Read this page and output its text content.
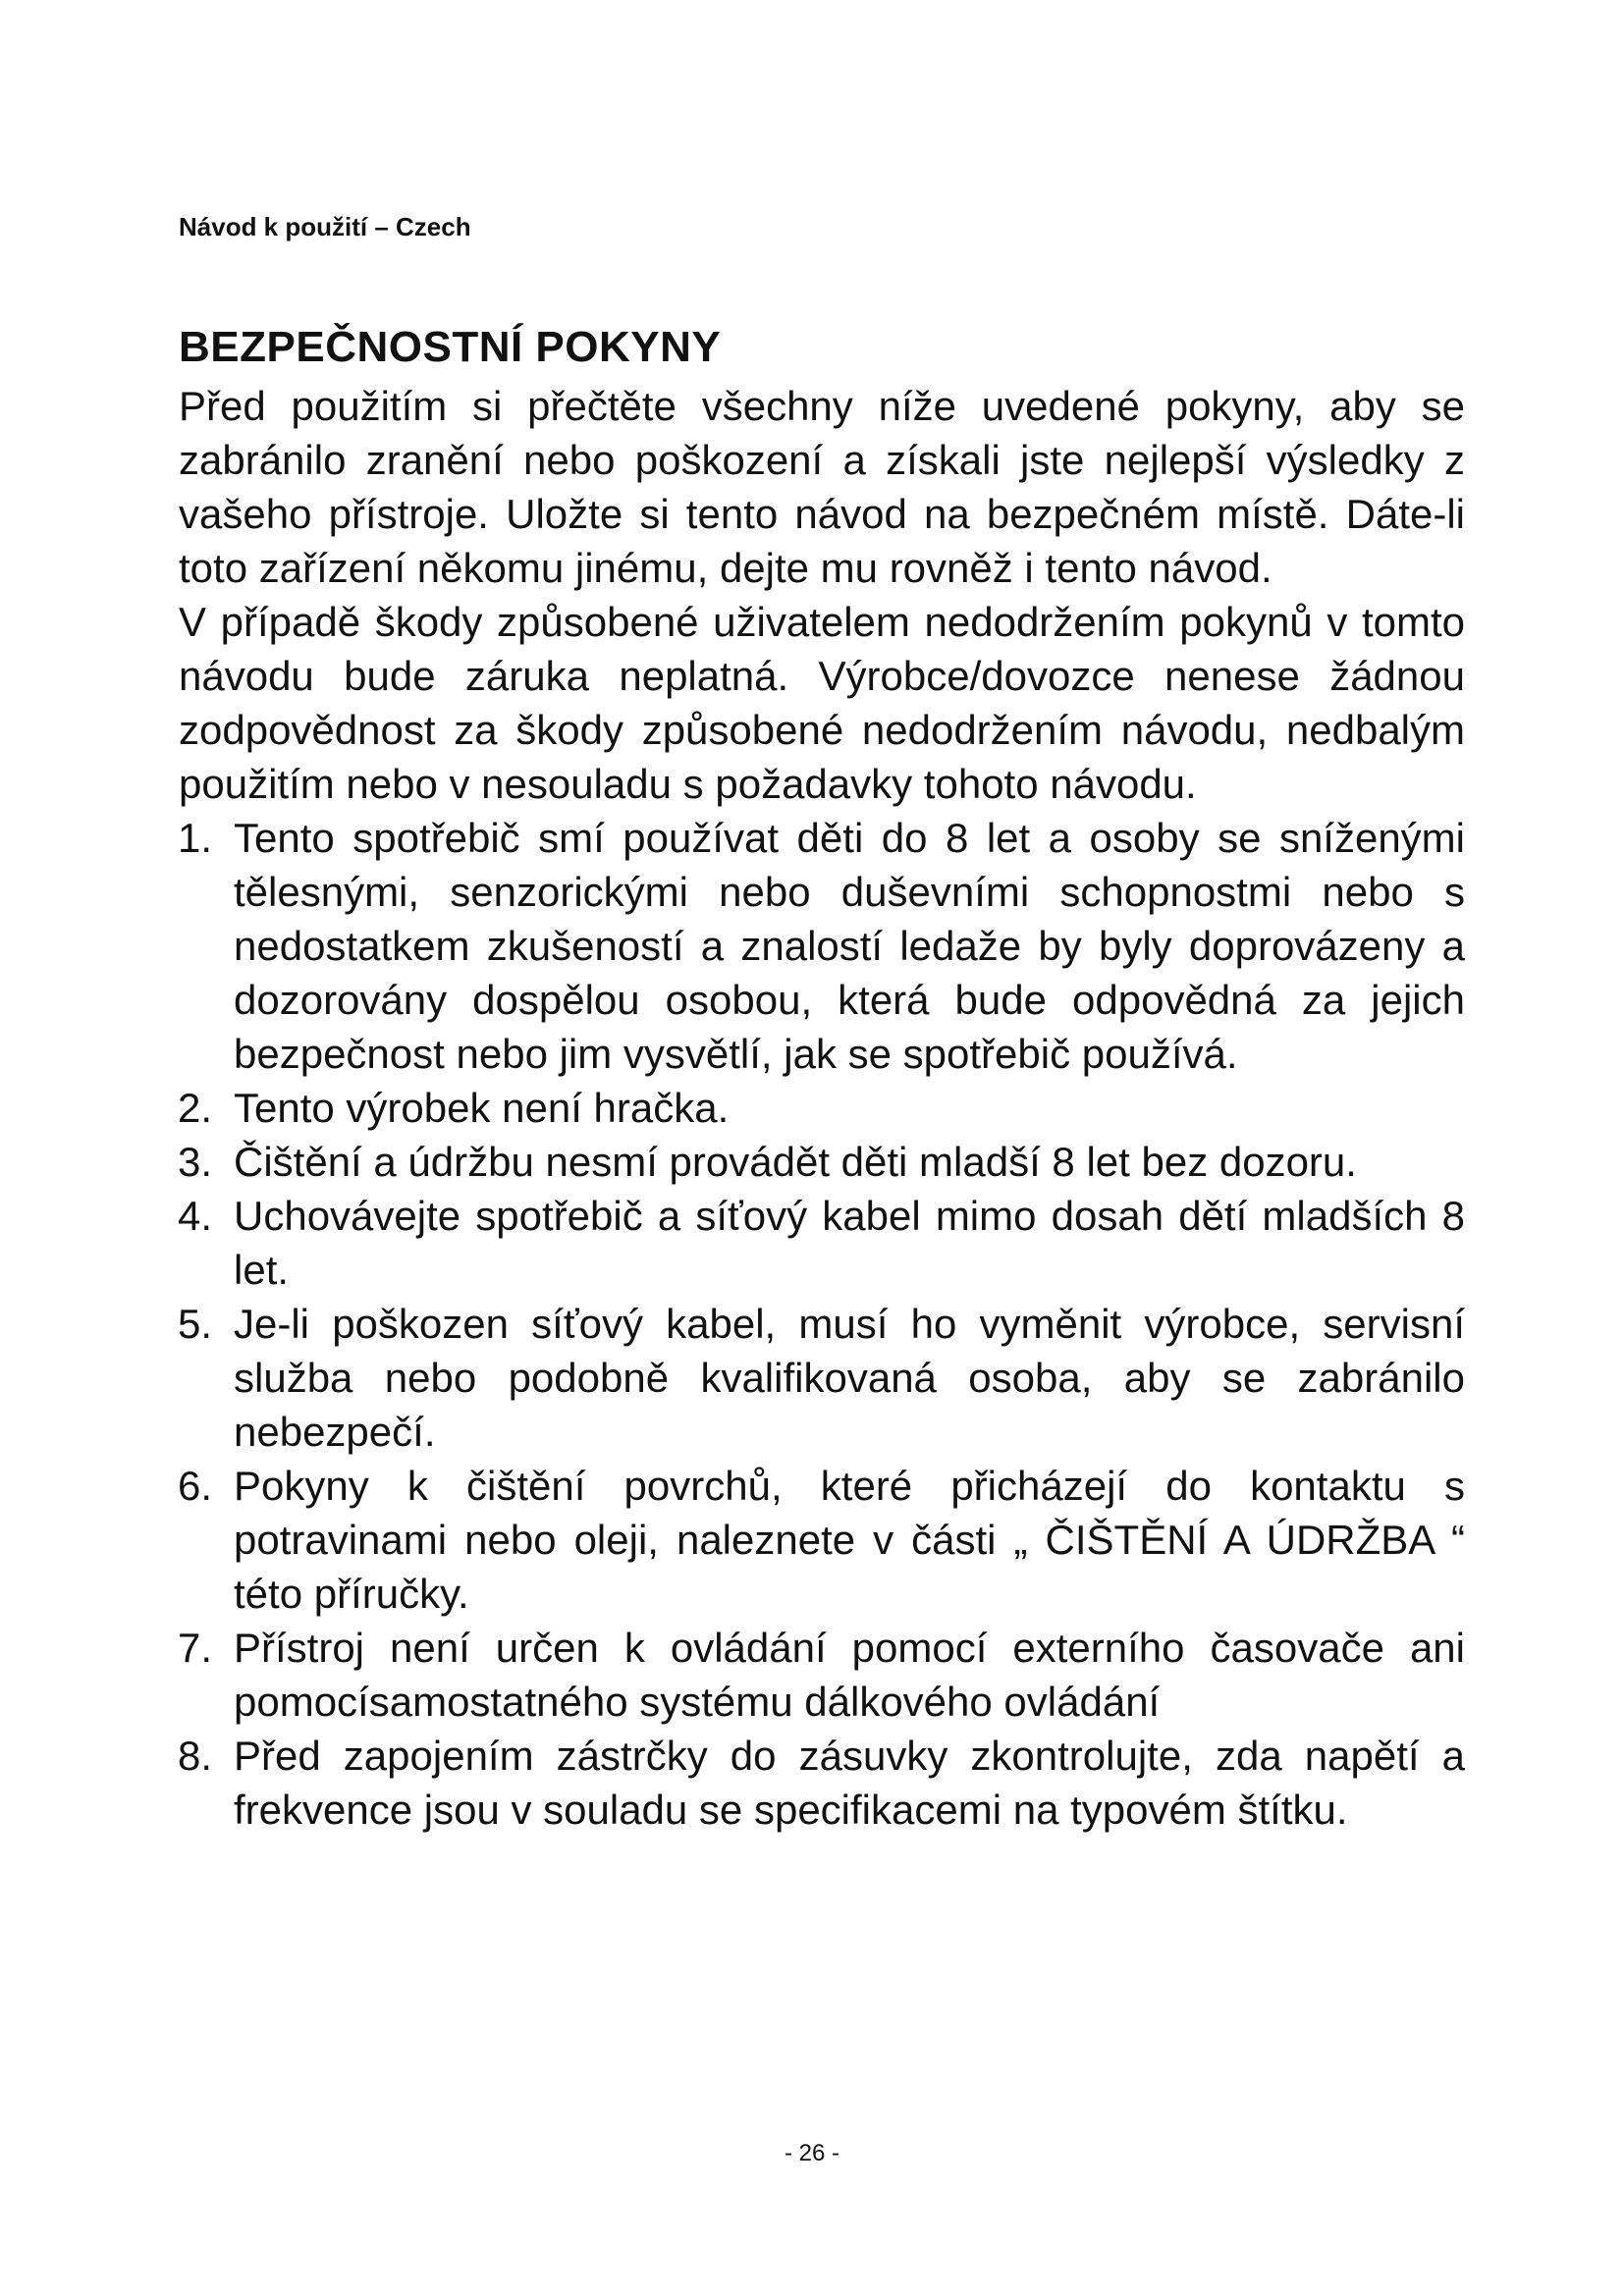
Návod k použití – Czech
BEZPEČNOSTNÍ POKYNY

Před použitím si přečtěte všechny níže uvedené pokyny, aby se zabránilo zranění nebo poškození a získali jste nejlepší výsledky z vašeho přístroje. Uložte si tento návod na bezpečném místě. Dáte-li toto zařízení někomu jinému, dejte mu rovněž i tento návod.

V případě škody způsobené uživatelem nedodržením pokynů v tomto návodu bude záruka neplatná. Výrobce/dovozce nenese žádnou zodpovědnost za škody způsobené nedodržením návodu, nedbalým použitím nebo v nesouladu s požadavky tohoto návodu.

1. Tento spotřebič smí používat děti do 8 let a osoby se sníženými tělesnými, senzorickými nebo duševními schopnostmi nebo s nedostatkem zkušeností a znalostí ledaže by byly doprovázeny a dozorovány dospělou osobou, která bude odpovědná za jejich bezpečnost nebo jim vysvětlí, jak se spotřebič používá.
2. Tento výrobek není hračka.
3. Čištění a údržbu nesmí provádět děti mladší 8 let bez dozoru.
4. Uchovávejte spotřebič a síťový kabel mimo dosah dětí mladších 8 let.
5. Je-li poškozen síťový kabel, musí ho vyměnit výrobce, servisní služba nebo podobně kvalifikovaná osoba, aby se zabránilo nebezpečí.
6. Pokyny k čištění povrchů, které přicházejí do kontaktu s potravinami nebo oleji, naleznete v části „ ČIŠTĚNÍ A ÚDRŽBA “ této příručky.
7. Přístroj není určen k ovládání pomocí externího časovače ani pomocísamostatného systému dálkového ovládání
8. Před zapojením zástrčky do zásuvky zkontrolujte, zda napětí a frekvence jsou v souladu se specifikacemi na typovém štítku.
- 26 -
